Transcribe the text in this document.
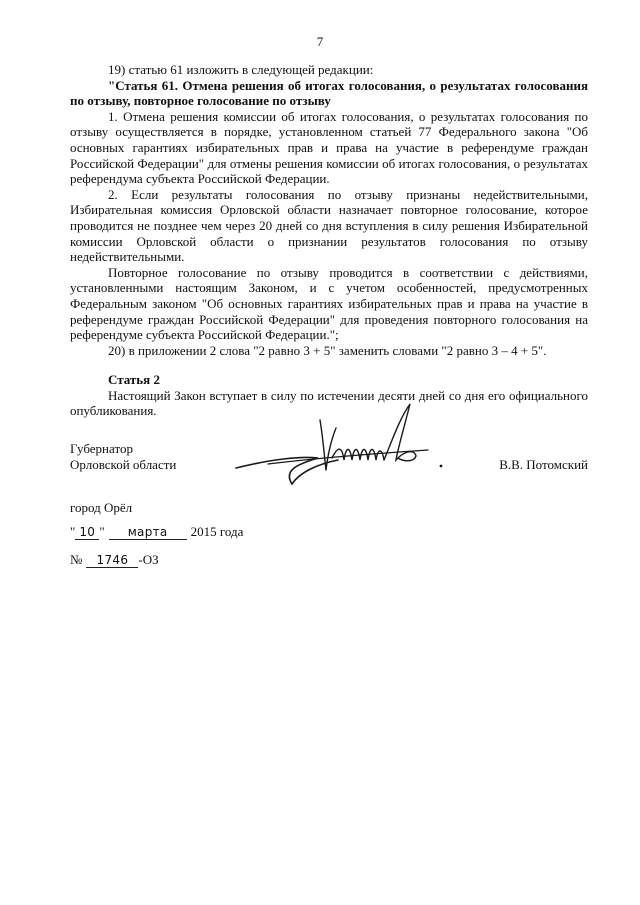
7

19) статью 61 изложить в следующей редакции:

"Статья 61. Отмена решения об итогах голосования, о результатах голосования по отзыву, повторное голосование по отзыву

1. Отмена решения комиссии об итогах голосования, о результатах голосования по отзыву осуществляется в порядке, установленном статьей 77 Федерального закона "Об основных гарантиях избирательных прав и права на участие в референдуме граждан Российской Федерации" для отмены решения комиссии об итогах голосования, о результатах референдума субъекта Российской Федерации.

2. Если результаты голосования по отзыву признаны недействительными, Избирательная комиссия Орловской области назначает повторное голосование, которое проводится не позднее чем через 20 дней со дня вступления в силу решения Избирательной комиссии Орловской области о признании результатов голосования по отзыву недействительными.

Повторное голосование по отзыву проводится в соответствии с действиями, установленными настоящим Законом, и с учетом особенностей, предусмотренных Федеральным законом "Об основных гарантиях избирательных прав и права на участие в референдуме граждан Российской Федерации" для проведения повторного голосования на референдуме субъекта Российской Федерации.";

20) в приложении 2 слова "2 равно 3 + 5" заменить словами "2 равно 3 – 4 + 5".

Статья 2

Настоящий Закон вступает в силу по истечении десяти дней со дня его официального опубликования.

Губернатор
Орловской области	В.В. Потомский
город Орёл
" 10 " марта 2015 года
№ 1746 -ОЗ
